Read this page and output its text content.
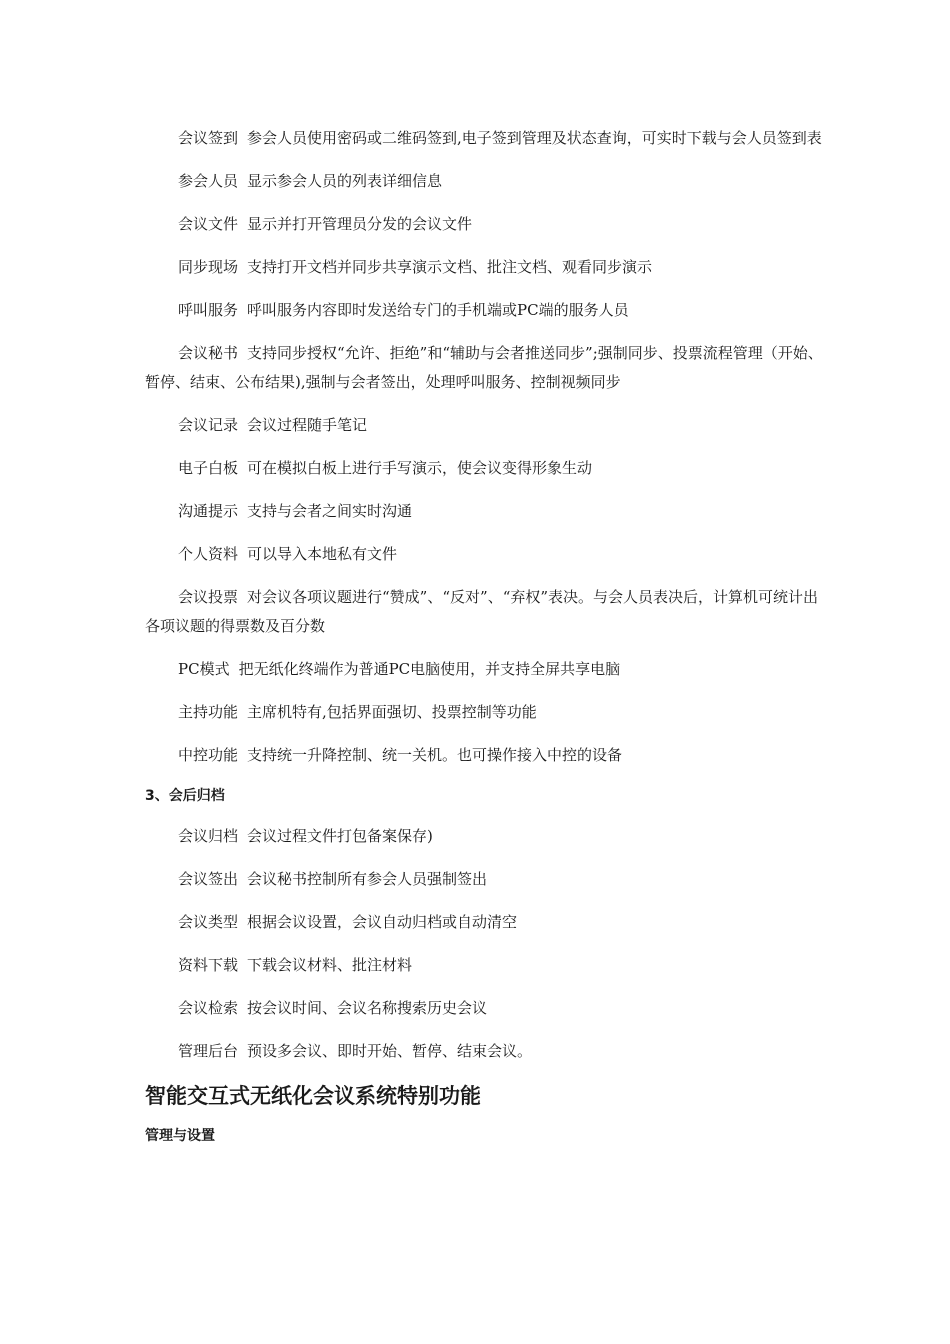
会议签到 参会人员使用密码或二维码签到,电子签到管理及状态查询，可实时下载与会人员签到表

参会人员 显示参会人员的列表详细信息

会议文件 显示并打开管理员分发的会议文件

同步现场 支持打开文档并同步共享演示文档、批注文档、观看同步演示

呼叫服务 呼叫服务内容即时发送给专门的手机端或PC端的服务人员

会议秘书 支持同步授权“允许、拒绝”和“辅助与会者推送同步”;强制同步、投票流程管理（开始、暂停、结束、公布结果),强制与会者签出，处理呼叫服务、控制视频同步

会议记录 会议过程随手笔记

电子白板 可在模拟白板上进行手写演示，使会议变得形象生动

沟通提示 支持与会者之间实时沟通

个人资料 可以导入本地私有文件

会议投票 对会议各项议题进行“赞成”、“反对”、“弃权”表决。与会人员表决后，计算机可统计出各项议题的得票数及百分数

PC模式 把无纸化终端作为普通PC电脑使用，并支持全屏共享电脑

主持功能 主席机特有,包括界面强切、投票控制等功能

中控功能 支持统一升降控制、统一关机。也可操作接入中控的设备

3、会后归档

会议归档 会议过程文件打包备案保存)

会议签出 会议秘书控制所有参会人员强制签出

会议类型 根据会议设置，会议自动归档或自动清空

资料下载 下载会议材料、批注材料

会议检索 按会议时间、会议名称搜索历史会议

管理后台 预设多会议、即时开始、暂停、结束会议。

智能交互式无纸化会议系统特别功能
管理与设置
